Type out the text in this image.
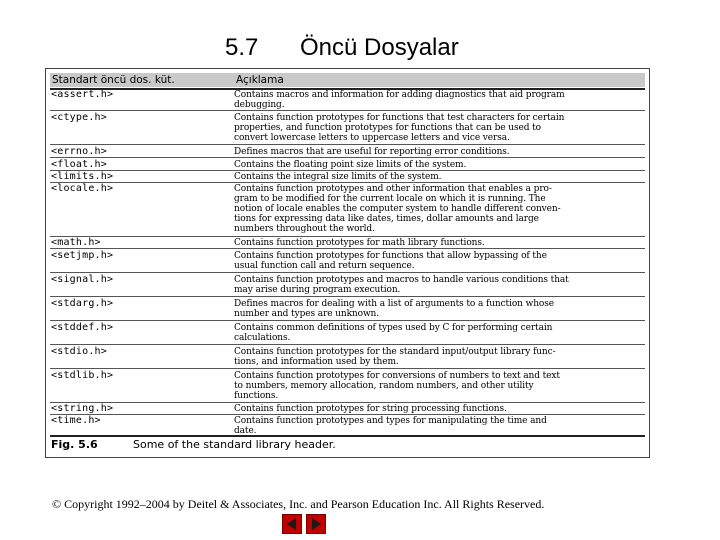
5.7 Öncü Dosyalar
Standart öncü dos. küt.	Açıklama
<assert.h>	Contains macros and information for adding diagnostics that aid program
debugging.
<ctype.h>	Contains function prototypes for functions that test characters for certain
properties, and function prototypes for functions that can be used to
convert lowercase letters to uppercase letters and vice versa.
<errno.h>	Defines macros that are useful for reporting error conditions.
<float.h>	Contains the floating point size limits of the system.
<limits.h>	Contains the integral size limits of the system.
<locale.h>	Contains function prototypes and other information that enables a pro-
gram to be modified for the current locale on which it is running. The
notion of locale enables the computer system to handle different conven-
tions for expressing data like dates, times, dollar amounts and large
numbers throughout the world.
<math.h>	Contains function prototypes for math library functions.
<setjmp.h>	Contains function prototypes for functions that allow bypassing of the
usual function call and return sequence.
<signal.h>	Contains function prototypes and macros to handle various conditions that
may arise during program execution.
<stdarg.h>	Defines macros for dealing with a list of arguments to a function whose
number and types are unknown.
<stddef.h>	Contains common definitions of types used by C for performing certain
calculations.
<stdio.h>	Contains function prototypes for the standard input/output library func-
tions, and information used by them.
<stdlib.h>	Contains function prototypes for conversions of numbers to text and text
to numbers, memory allocation, random numbers, and other utility
functions.
<string.h>	Contains function prototypes for string processing functions.
<time.h>	Contains function prototypes and types for manipulating the time and
date.
Fig. 5.6	Some of the standard library header.
© Copyright 1992–2004 by Deitel & Associates, Inc. and Pearson Education Inc. All Rights Reserved.
